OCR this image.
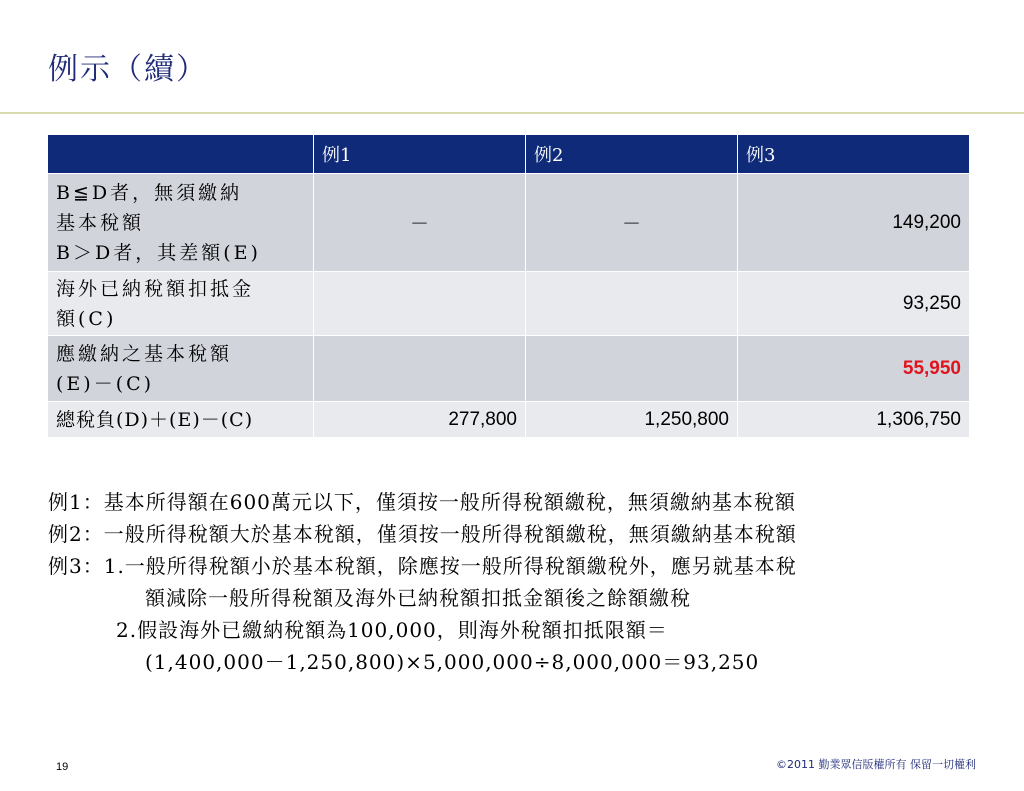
例示（續）
	例1	例2	例3

B≦D者，無須繳納
基本稅額
B＞D者，其差額(E)	－	－	149,200

海外已納稅額扣抵金
額(C)			93,250

應繳納之基本稅額
(E)－(C)			55,950

總稅負(D)＋(E)－(C)	277,800	1,250,800	1,306,750
例1：基本所得額在600萬元以下，僅須按一般所得稅額繳稅，無須繳納基本稅額
例2：一般所得稅額大於基本稅額，僅須按一般所得稅額繳稅，無須繳納基本稅額
例3：1.一般所得稅額小於基本稅額，除應按一般所得稅額繳稅外，應另就基本稅
額減除一般所得稅額及海外已納稅額扣抵金額後之餘額繳稅
2.假設海外已繳納稅額為100,000，則海外稅額扣抵限額＝
(1,400,000－1,250,800)×5,000,000÷8,000,000＝93,250
19	©2011 勤業眾信版權所有 保留一切權利
